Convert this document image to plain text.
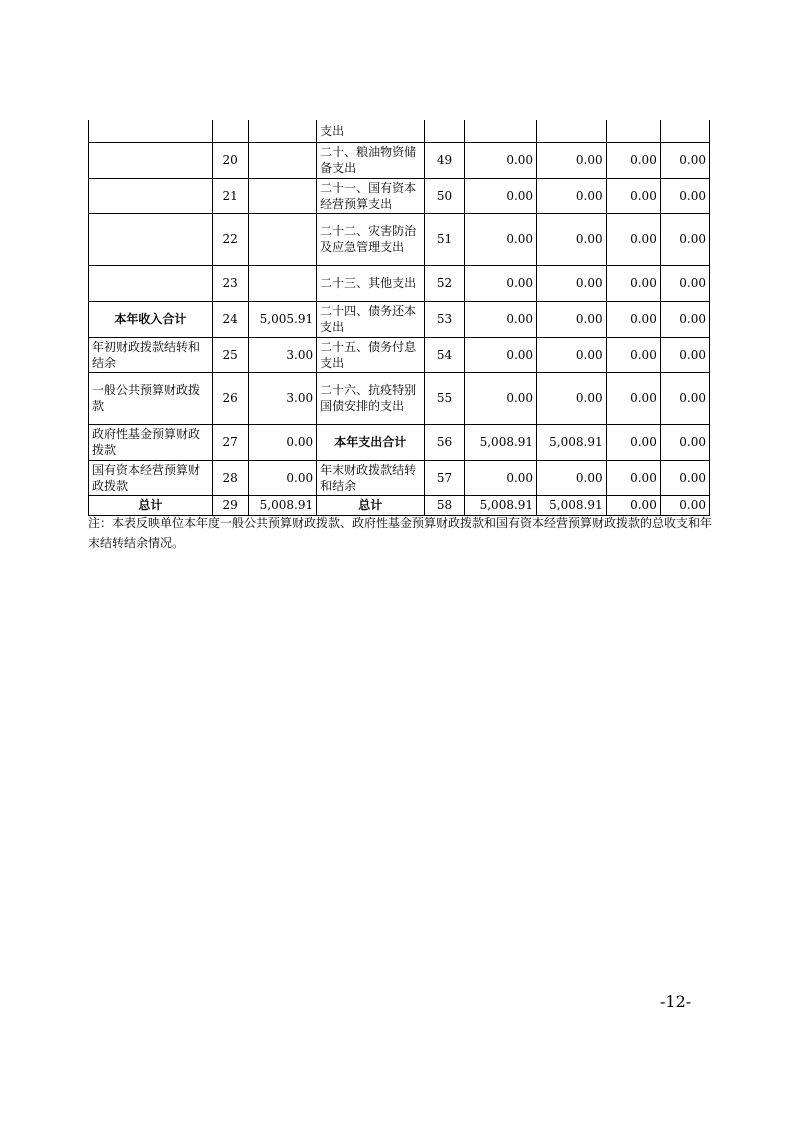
			支出					
	20		二十、粮油物资储备支出	49	0.00	0.00	0.00	0.00
	21		二十一、国有资本经营预算支出	50	0.00	0.00	0.00	0.00
	22		二十二、灾害防治及应急管理支出	51	0.00	0.00	0.00	0.00
	23		二十三、其他支出	52	0.00	0.00	0.00	0.00
本年收入合计	24	5,005.91	二十四、债务还本支出	53	0.00	0.00	0.00	0.00
年初财政拨款结转和结余	25	3.00	二十五、债务付息支出	54	0.00	0.00	0.00	0.00
一般公共预算财政拨款	26	3.00	二十六、抗疫特别国债安排的支出	55	0.00	0.00	0.00	0.00
政府性基金预算财政拨款	27	0.00	本年支出合计	56	5,008.91	5,008.91	0.00	0.00
国有资本经营预算财政拨款	28	0.00	年末财政拨款结转和结余	57	0.00	0.00	0.00	0.00
总计	29	5,008.91	总计	58	5,008.91	5,008.91	0.00	0.00
注：本表反映单位本年度一般公共预算财政拨款、政府性基金预算财政拨款和国有资本经营预算财政拨款的总收支和年末结转结余情况。
-12-
